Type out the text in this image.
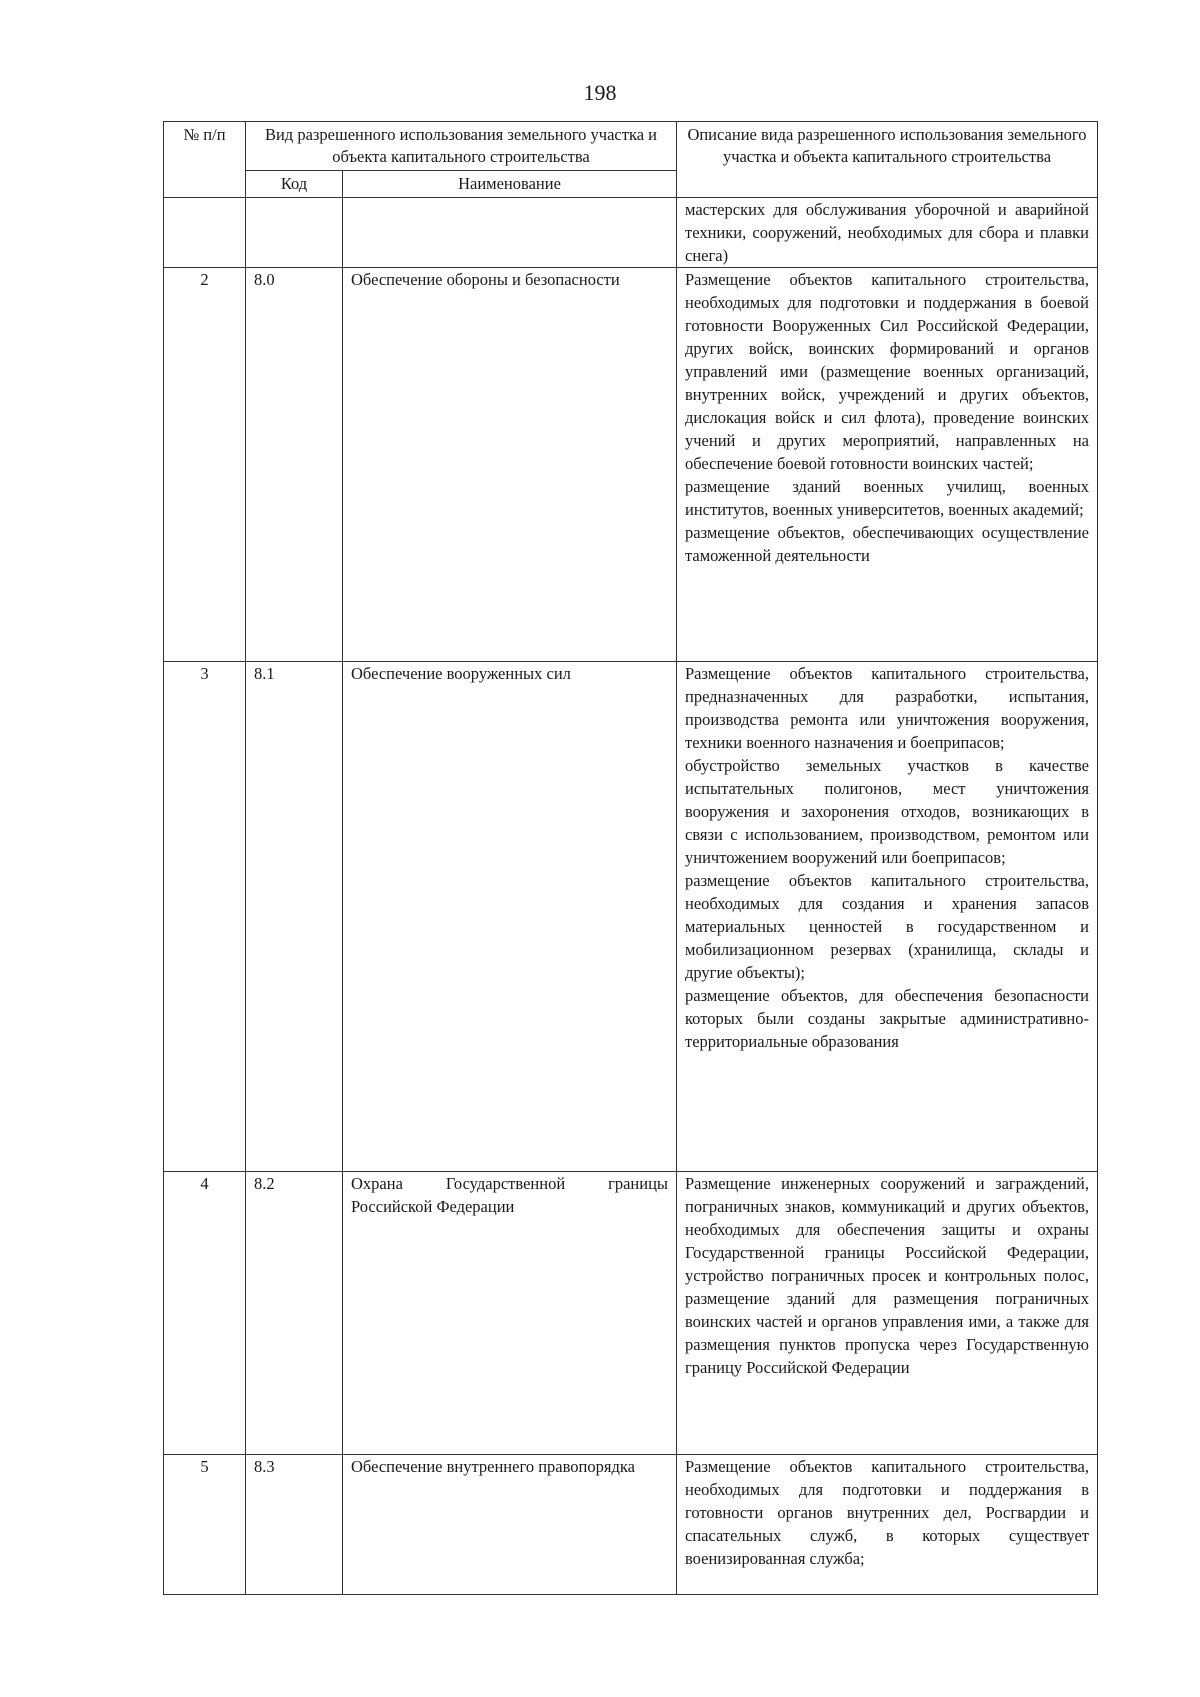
198
№ п/п	Вид разрешенного использования земельного участка и объекта капитального строительства		Описание вида разрешенного использования земельного участка и объекта капитального строительства
	Код	Наименование	

			мастерских для обслуживания уборочной и аварийной техники, сооружений, необходимых для сбора и плавки снега)

2	8.0	Обеспечение обороны и безопасности	Размещение объектов капитального строительства, необходимых для подготовки и поддержания в боевой готовности Вооруженных Сил Российской Федерации, других войск, воинских формирований и органов управлений ими (размещение военных организаций, внутренних войск, учреждений и других объектов, дислокация войск и сил флота), проведение воинских учений и других мероприятий, направленных на обеспечение боевой готовности воинских частей;
размещение зданий военных училищ, военных институтов, военных университетов, военных академий;
размещение объектов, обеспечивающих осуществление таможенной деятельности

3	8.1	Обеспечение вооруженных сил	Размещение объектов капитального строительства, предназначенных для разработки, испытания, производства ремонта или уничтожения вооружения, техники военного назначения и боеприпасов;
обустройство земельных участков в качестве испытательных полигонов, мест уничтожения вооружения и захоронения отходов, возникающих в связи с использованием, производством, ремонтом или уничтожением вооружений или боеприпасов;
размещение объектов капитального строительства, необходимых для создания и хранения запасов материальных ценностей в государственном и мобилизационном резервах (хранилища, склады и другие объекты);
размещение объектов, для обеспечения безопасности которых были созданы закрытые административно-территориальные образования

4	8.2	Охрана Государственной границы Российской Федерации	Размещение инженерных сооружений и заграждений, пограничных знаков, коммуникаций и других объектов, необходимых для обеспечения защиты и охраны Государственной границы Российской Федерации, устройство пограничных просек и контрольных полос, размещение зданий для размещения пограничных воинских частей и органов управления ими, а также для размещения пунктов пропуска через Государственную границу Российской Федерации

5	8.3	Обеспечение внутреннего правопорядка	Размещение объектов капитального строительства, необходимых для подготовки и поддержания в готовности органов внутренних дел, Росгвардии и спасательных служб, в которых существует военизированная служба;
